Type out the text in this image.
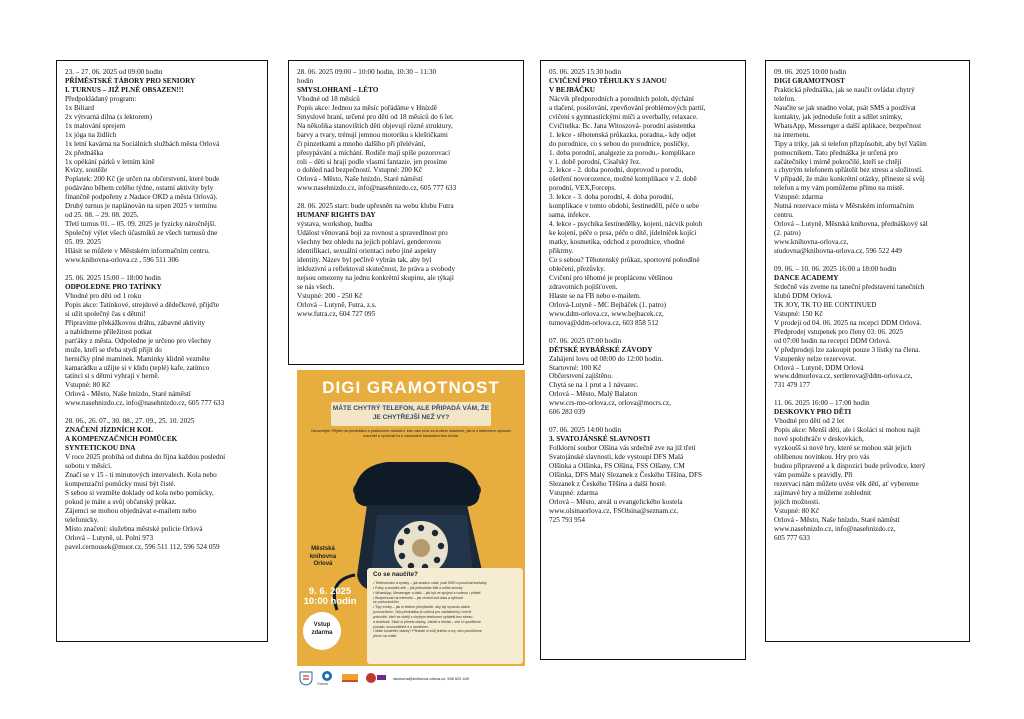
23. – 27. 06. 2025 od 09:00 hodin
PŘÍMĚSTSKÉ TÁBORY PRO SENIORY
I. TURNUS – JIŽ PLNĚ OBSAZEN!!!
Předpokládaný program:
1x Biliard
2x výtvarná dílna (s lektorem)
1x malování sprejem
1x jóga na židlích
1x letní kavárna na Sociálních službách města Orlová
2x přednáška
1x opékání párků v letním kině
Kvízy, soutěže
Poplatek: 200 Kč (je určen na občerstvení, které bude
podáváno během celého týdne, ostatní aktivity byly
finančně podpořeny z Nadace OKD a města Orlová).
Druhý turnus je naplánován na srpen 2025 v termínu
od 25. 08. – 29. 08. 2025.
Třetí turnus 01. – 05. 09. 2025 je fyzicky náročnější.
Společný výlet všech účastníků ze všech turnusů dne
05. 09. 2025
Hlásit se můžete v Městském informačním centru.
www.knihovna-orlova.cz , 596 511 306
25. 06. 2025 15:00 – 18:00 hodin
ODPOLEDNE PRO TATÍNKY
Vhodné pro děti od 1 roku
Popis akce: Tatínkové, strejdové a dědečkové, přijďte
si užít společný čas s dětmi!
Připravíme překážkovou dráhu, zábavné aktivity
a nabídneme příležitost potkat
parťáky z města. Odpoledne je určeno pro všechny
muže, kteří se třeba stydí přijít do
herničky plné maminek. Maminky klidně vezměte
kamarádku a užijte si v klidu (teplé) kafe, zatímco
tatínci si s dětmi vyhrají v herně.
Vstupné: 80 Kč
Orlová - Město, Naše hnízdo, Staré náměstí
www.nasehnizdo.cz, info@nasehnizdo.cz, 605 777 633
28. 06., 26. 07., 30. 08., 27. 09., 25. 10. 2025
ZNAČENÍ JÍZDNÍCH KOL
A KOMPENZAČNÍCH POMŮCEK
SYNTETICKOU DNA
V roce 2025 probíhá od dubna do října každou poslední
sobotu v měsíci.
Značí se v 15 - ti minutových intervalech. Kola nebo
kompenzační pomůcky musí být čisté.
S sebou si vezměte doklady od kola nebo pomůcky,
pokud je máte a svůj občanský průkaz.
Zájemci se mohou objednávat e-mailem nebo
telefonicky.
Místo značení: služebna městské policie Orlová
Orlová – Lutyně, ul. Polní 973
pavel.cernousek@muor.cz, 596 511 112, 596 524 059
28. 06. 2025 09:00 – 10:00 hodin, 10:30 – 11:30
hodin
SMYSLOHRANÍ – LÉTO
Vhodné od 18 měsíců
Popis akce: Jednou za měsíc pořádáme v Hnízdě
Smyslové hraní, určené pro děti od 18 měsíců do 6 let.
Na několika stanovištích děti objevují různé struktury,
barvy a tvary, trénují jemnou motoriku s kleštičkami
či pinzetkami a mnoho dalšího při přelévání,
přesypávání a míchání. Rodiče mají spíše pozorovací
roli – děti si hrají podle vlastní fantazie, jen prosíme
o dohled nad bezpečností. Vstupné: 200 Kč
Orlová - Město, Naše hnízdo, Staré náměstí
www.nasehnizdo.cz, info@nasehnizdo.cz, 605 777 633
28. 06. 2025 start: bude upřesněn na webu klubu Futra
HUMANF RIGHTS DAY
výstava, workshop, hudba
Událost věnovaná boji za rovnost a spravedlnost pro
všechny bez ohledu na jejich pohlaví, genderovou
identifikaci, sexuální orientaci nebo jiné aspekty
identity. Název byl pečlivě vybrán tak, aby byl
inkluzivní a reflektoval skutečnost, že práva a svobody
nejsou omezeny na jednu konkrétní skupinu, ale týkají
se nás všech.
Vstupné: 200 - 250 Kč
Orlová – Lutyně, Futra, z.s.
www.futra.cz, 604 727 095
05. 06. 2025 15:30 hodin
CVIČENÍ PRO TĚHULKY S JANOU
V BEJBÁČKU
Nácvik předporodních a porodních poloh, dýchání
a tlačení, posilování, zpevňování problémových partií,
cvičení s gymnastickými míči a overbally, relaxace.
Cvičitelka: Bc. Jana Witoszová- porodní asistentka
1. lekce - těhotenská průkazka, poradna,- kdy odjet
do porodnice, co s sebou do porodnice, poslíčky,
1. doba porodní, analgezie za porodu,- komplikace
v 1. době porodní, Císařský řez.
2. lekce - 2. doba porodní, doprovod u porodu,
ošetření novorozence, možné komplikace v 2. době
porodní, VEX,Forceps.
3. lekce - 3. doba porodní, 4. doba porodní,
komplikace v tomto období, šestinedělí, péče o sebe
sama, infekce.
4. lekce - psychika šestinedělky, kojení, nácvik poloh
ke kojení, péče o prsa, péče o dítě, jídelníček kojící
matky, kosmetika, odchod z porodnice, vhodné
přikrmy.
Co s sebou? Těhotenský průkaz, sportovní pohodlné
oblečení, přezůvky.
Cvičení pro těhotné je propláceno většinou
zdravotních pojišťoven.
Hlaste se na FB nebo e-mailem.
Orlová-Lutyně - MC Bejbáček (1. patro)
www.ddm-orlova.cz, www.bejbacek.cz,
tumova@ddm-orlova.cz, 603 858 512
07. 06. 2025 07:00 hodin
DĚTSKÉ RYBÁŘSKÉ ZÁVODY
Zahájení lovu od 08:00 do 12:00 hodin.
Startovné: 100 Kč
Občerstvení zajištěno.
Chytá se na 1 prut a 1 návazec.
Orlová – Město, Malý Balaton
www.crs-mo-orlova.cz, orlova@mocrs.cz,
606 283 039
07. 06. 2025 14:00 hodin
3. SVATOJÁNSKÉ SLAVNOSTI
Folklorní soubor Olšina vás srdečně zve na již třetí
Svatojánské slavnosti, kde vystoupí DFS Malá
Olšinka a Olšinka, FS Olšina, FSS Olšany, CM
Olšinka, DFS Malý Slezanek z Českého Těšína, DFS
Slezanek z Českého Těšína a další hosté.
Vstupné: zdarma
Orlová – Město, areál u evangelického kostela
www.olsinaorlova.cz, FSOlsina@seznam.cz,
725 793 954
09. 06. 2025 10:00 hodin
DIGI GRAMOTNOST
Praktická přednáška, jak se naučit ovládat chytrý
telefon.
Naučíte se jak snadno volat, psát SMS a používat
kontakty, jak jednoduše fotit a sdílet snímky,
WhatsApp, Messenger a další aplikace, bezpečnost
na internetu.
Tipy a triky, jak si telefon přizpůsobit, aby byl Vaším
pomocníkem. Tato přednáška je určená pro
začátečníky i mírně pokročilé, kteří se chtějí
s chytrým telefonem spřátelit bez stresu a složitostí.
V případě, že máte konkrétní otázky, přineste si svůj
telefon a my vám pomůžeme přímo na místě.
Vstupné: zdarma
Nutná rezervace místa v Městském informačním
centru.
Orlová – Lutyně, Městská knihovna, přednáškový sál
(2. patro)
www.knihovna-orlova.cz,
studovna@knihovna-orlova.cz, 596 522 449
09. 06. – 10. 06. 2025 16:00 a 18:00 hodin
DANCE ACADEMY
Srdečně vás zveme na taneční představení tanečních
klubů DDM Orlová.
TK JOY, TK TO BE CONTINUED
Vstupné: 150 Kč
V prodeji od 04. 06. 2025 na recepci DDM Orlová.
Předprodej vstupenek pro členy 03. 06. 2025
od 07:00 hodin na recepci DDM Orlová.
V předprodeji lze zakoupit pouze 3 lístky na člena.
Vstupenky nelze rezervovat.
Orlová – Lutyně, DDM Orlová
www.ddmorlova.cz, sertlerova@ddm-orlova.cz,
731 479 177
11. 06. 2025 16:00 – 17:00 hodin
DESKOVKY PRO DĚTI
Vhodné pro děti od 2 let
Popis akce: Menší děti, ale i školáci si mohou najít
nové spoluhráče v deskovkách,
vyzkoušš si nové hry, které se mohou stát jejich
oblíbenou novinkou. Hry pro vás
budou připravené a k dispozici bude průvodce, který
vám pomůže s pravidly. Při
rezervaci nám můžete uvést věk dětí, ať vybereme
zajímavé hry a můžeme zohlednit
jejich možnosti.
Vstupné: 80 Kč
Orlová - Město, Naše hnízdo, Staré náměstí
www.nasehnizdo.cz, info@nasehnizdo.cz,
605 777 633
DIGI GRAMOTNOST
MÁTE CHYTRÝ TELEFON, ALE PŘIPADÁ VÁM, ŽE JE CHYTŘEJŠÍ NEŽ VY?
Nezoufejte! Přijďte na přednášku o praktickém ovládání, kde vám krok za krokem ukážeme, jak si s telefonem opravdu rozumět a využívat ho k usnadnění každodenního života.
Městská knihovna Orlová
9. 6. 2025
10:00 hodin
Vstup zdarma
Co se naučíte?
• Telefonování a zprávy – jak snadno volat, psát SMS a používat kontakty
• Fotky a sociální sítě – jak jednoduše fotit a sdílet snímky
• WhatsApp, Messenger a další – jak být ve spojení s rodinou i přáteli
• Bezpečnost na internetu – jak chránit svá data a vyhnout
se podvodníkům
• Tipy a triky – jak si telefon přizpůsobit, aby byl opravdu vaším
pomocníkem. Tato přednáška je určená pro začátečníky i mírně
pokročilé, kteří se chtějí s chytrým telefonem spřátelit bez stresu
a složitostí. Stačí si přinést otázky, ‚šáhat' a hledat – vše si vysvětlíme
pomalu, srozumitelně a s úsměvem.
• Máte konkrétní otázky? Přineste si svůj telefon a my vám pomůžeme
přímo na místě.
Orlová
studovna@knihovna-orlova.cz, 596 522 449
